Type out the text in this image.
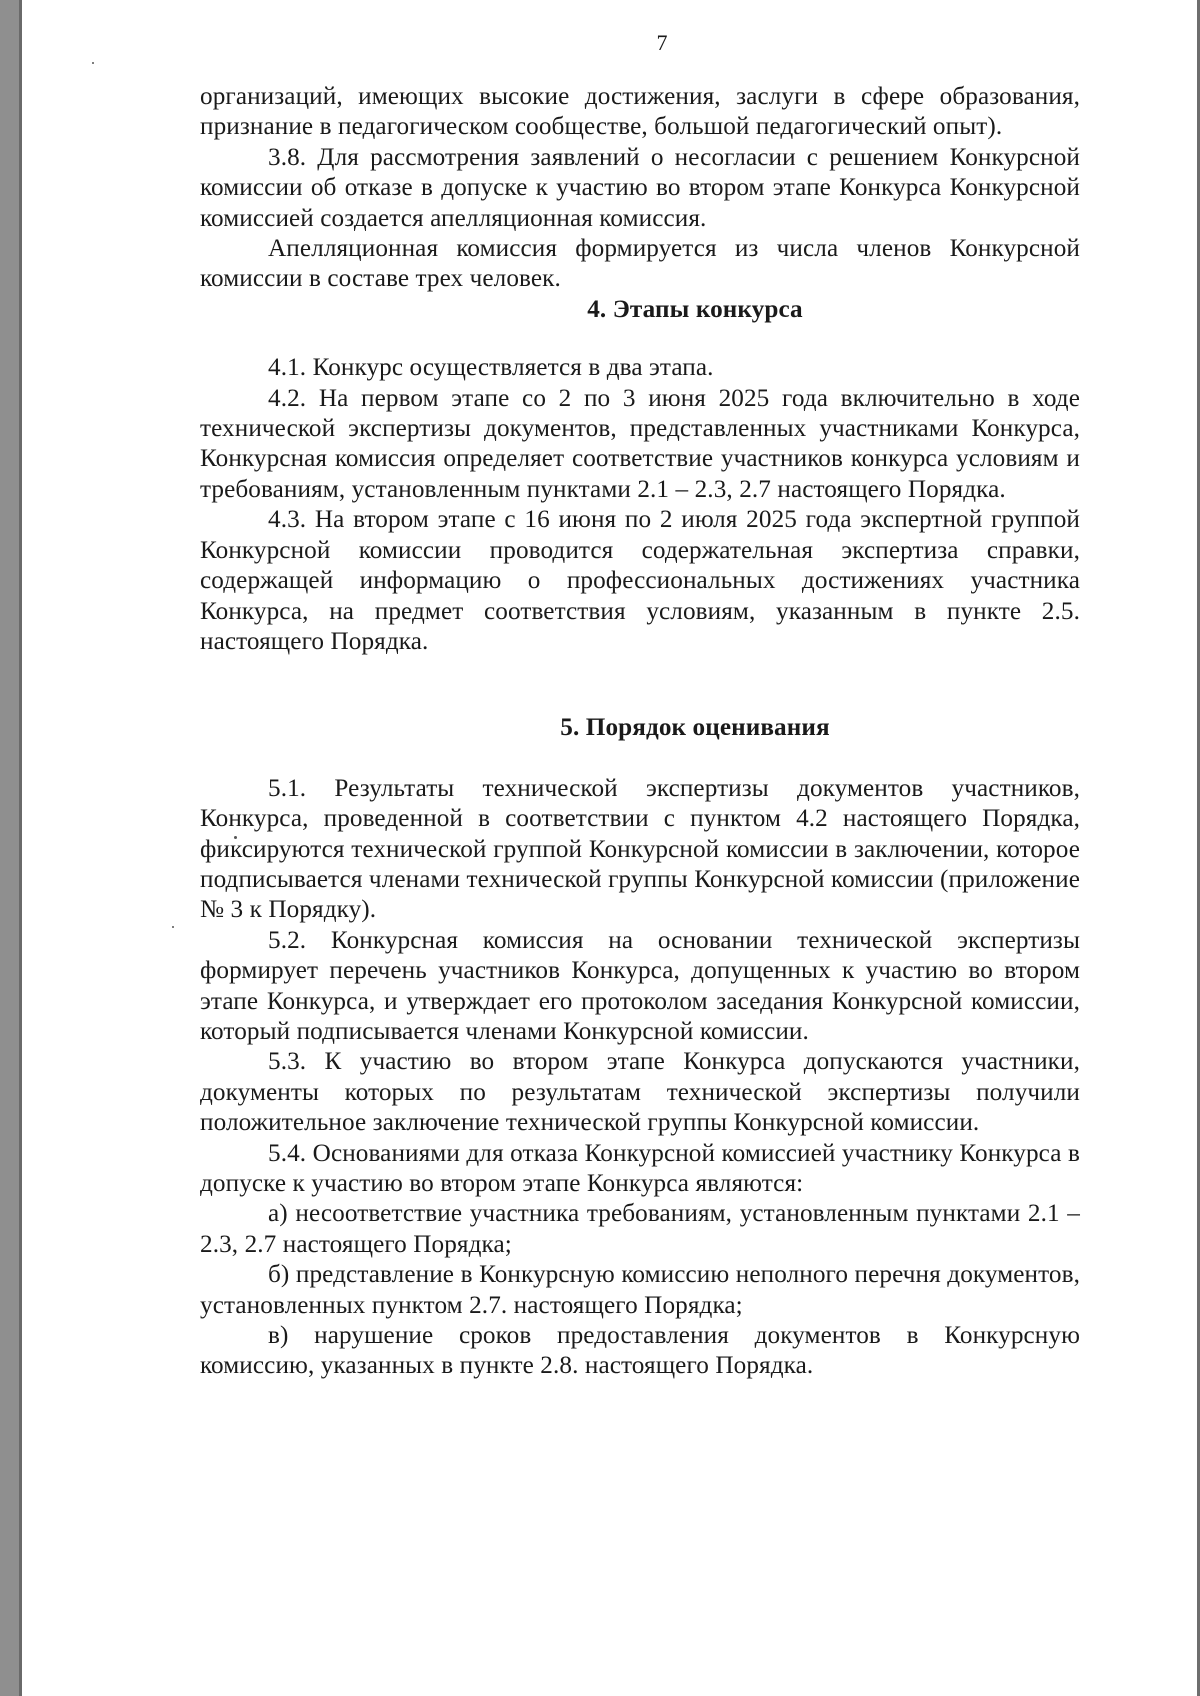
7

организаций, имеющих высокие достижения, заслуги в сфере образования, признание в педагогическом сообществе, большой педагогический опыт).

3.8. Для рассмотрения заявлений о несогласии с решением Конкурсной комиссии об отказе в допуске к участию во втором этапе Конкурса Конкурсной комиссией создается апелляционная комиссия.

Апелляционная комиссия формируется из числа членов Конкурсной комиссии в составе трех человек.

4. Этапы конкурса

4.1. Конкурс осуществляется в два этапа.

4.2. На первом этапе со 2 по 3 июня 2025 года включительно в ходе технической экспертизы документов, представленных участниками Конкурса, Конкурсная комиссия определяет соответствие участников конкурса условиям и требованиям, установленным пунктами 2.1 – 2.3, 2.7 настоящего Порядка.

4.3. На втором этапе с 16 июня по 2 июля 2025 года экспертной группой Конкурсной комиссии проводится содержательная экспертиза справки, содержащей информацию о профессиональных достижениях участника Конкурса, на предмет соответствия условиям, указанным в пункте 2.5. настоящего Порядка.

5. Порядок оценивания

5.1. Результаты технической экспертизы документов участников, Конкурса, проведенной в соответствии с пунктом 4.2 настоящего Порядка, фиксируются технической группой Конкурсной комиссии в заключении, которое подписывается членами технической группы Конкурсной комиссии (приложение № 3 к Порядку).

5.2. Конкурсная комиссия на основании технической экспертизы формирует перечень участников Конкурса, допущенных к участию во втором этапе Конкурса, и утверждает его протоколом заседания Конкурсной комиссии, который подписывается членами Конкурсной комиссии.

5.3. К участию во втором этапе Конкурса допускаются участники, документы которых по результатам технической экспертизы получили положительное заключение технической группы Конкурсной комиссии.

5.4. Основаниями для отказа Конкурсной комиссией участнику Конкурса в допуске к участию во втором этапе Конкурса являются:

а) несоответствие участника требованиям, установленным пунктами 2.1 – 2.3, 2.7 настоящего Порядка;

б) представление в Конкурсную комиссию неполного перечня документов, установленных пунктом 2.7. настоящего Порядка;

в) нарушение сроков предоставления документов в Конкурсную комиссию, указанных в пункте 2.8. настоящего Порядка.
